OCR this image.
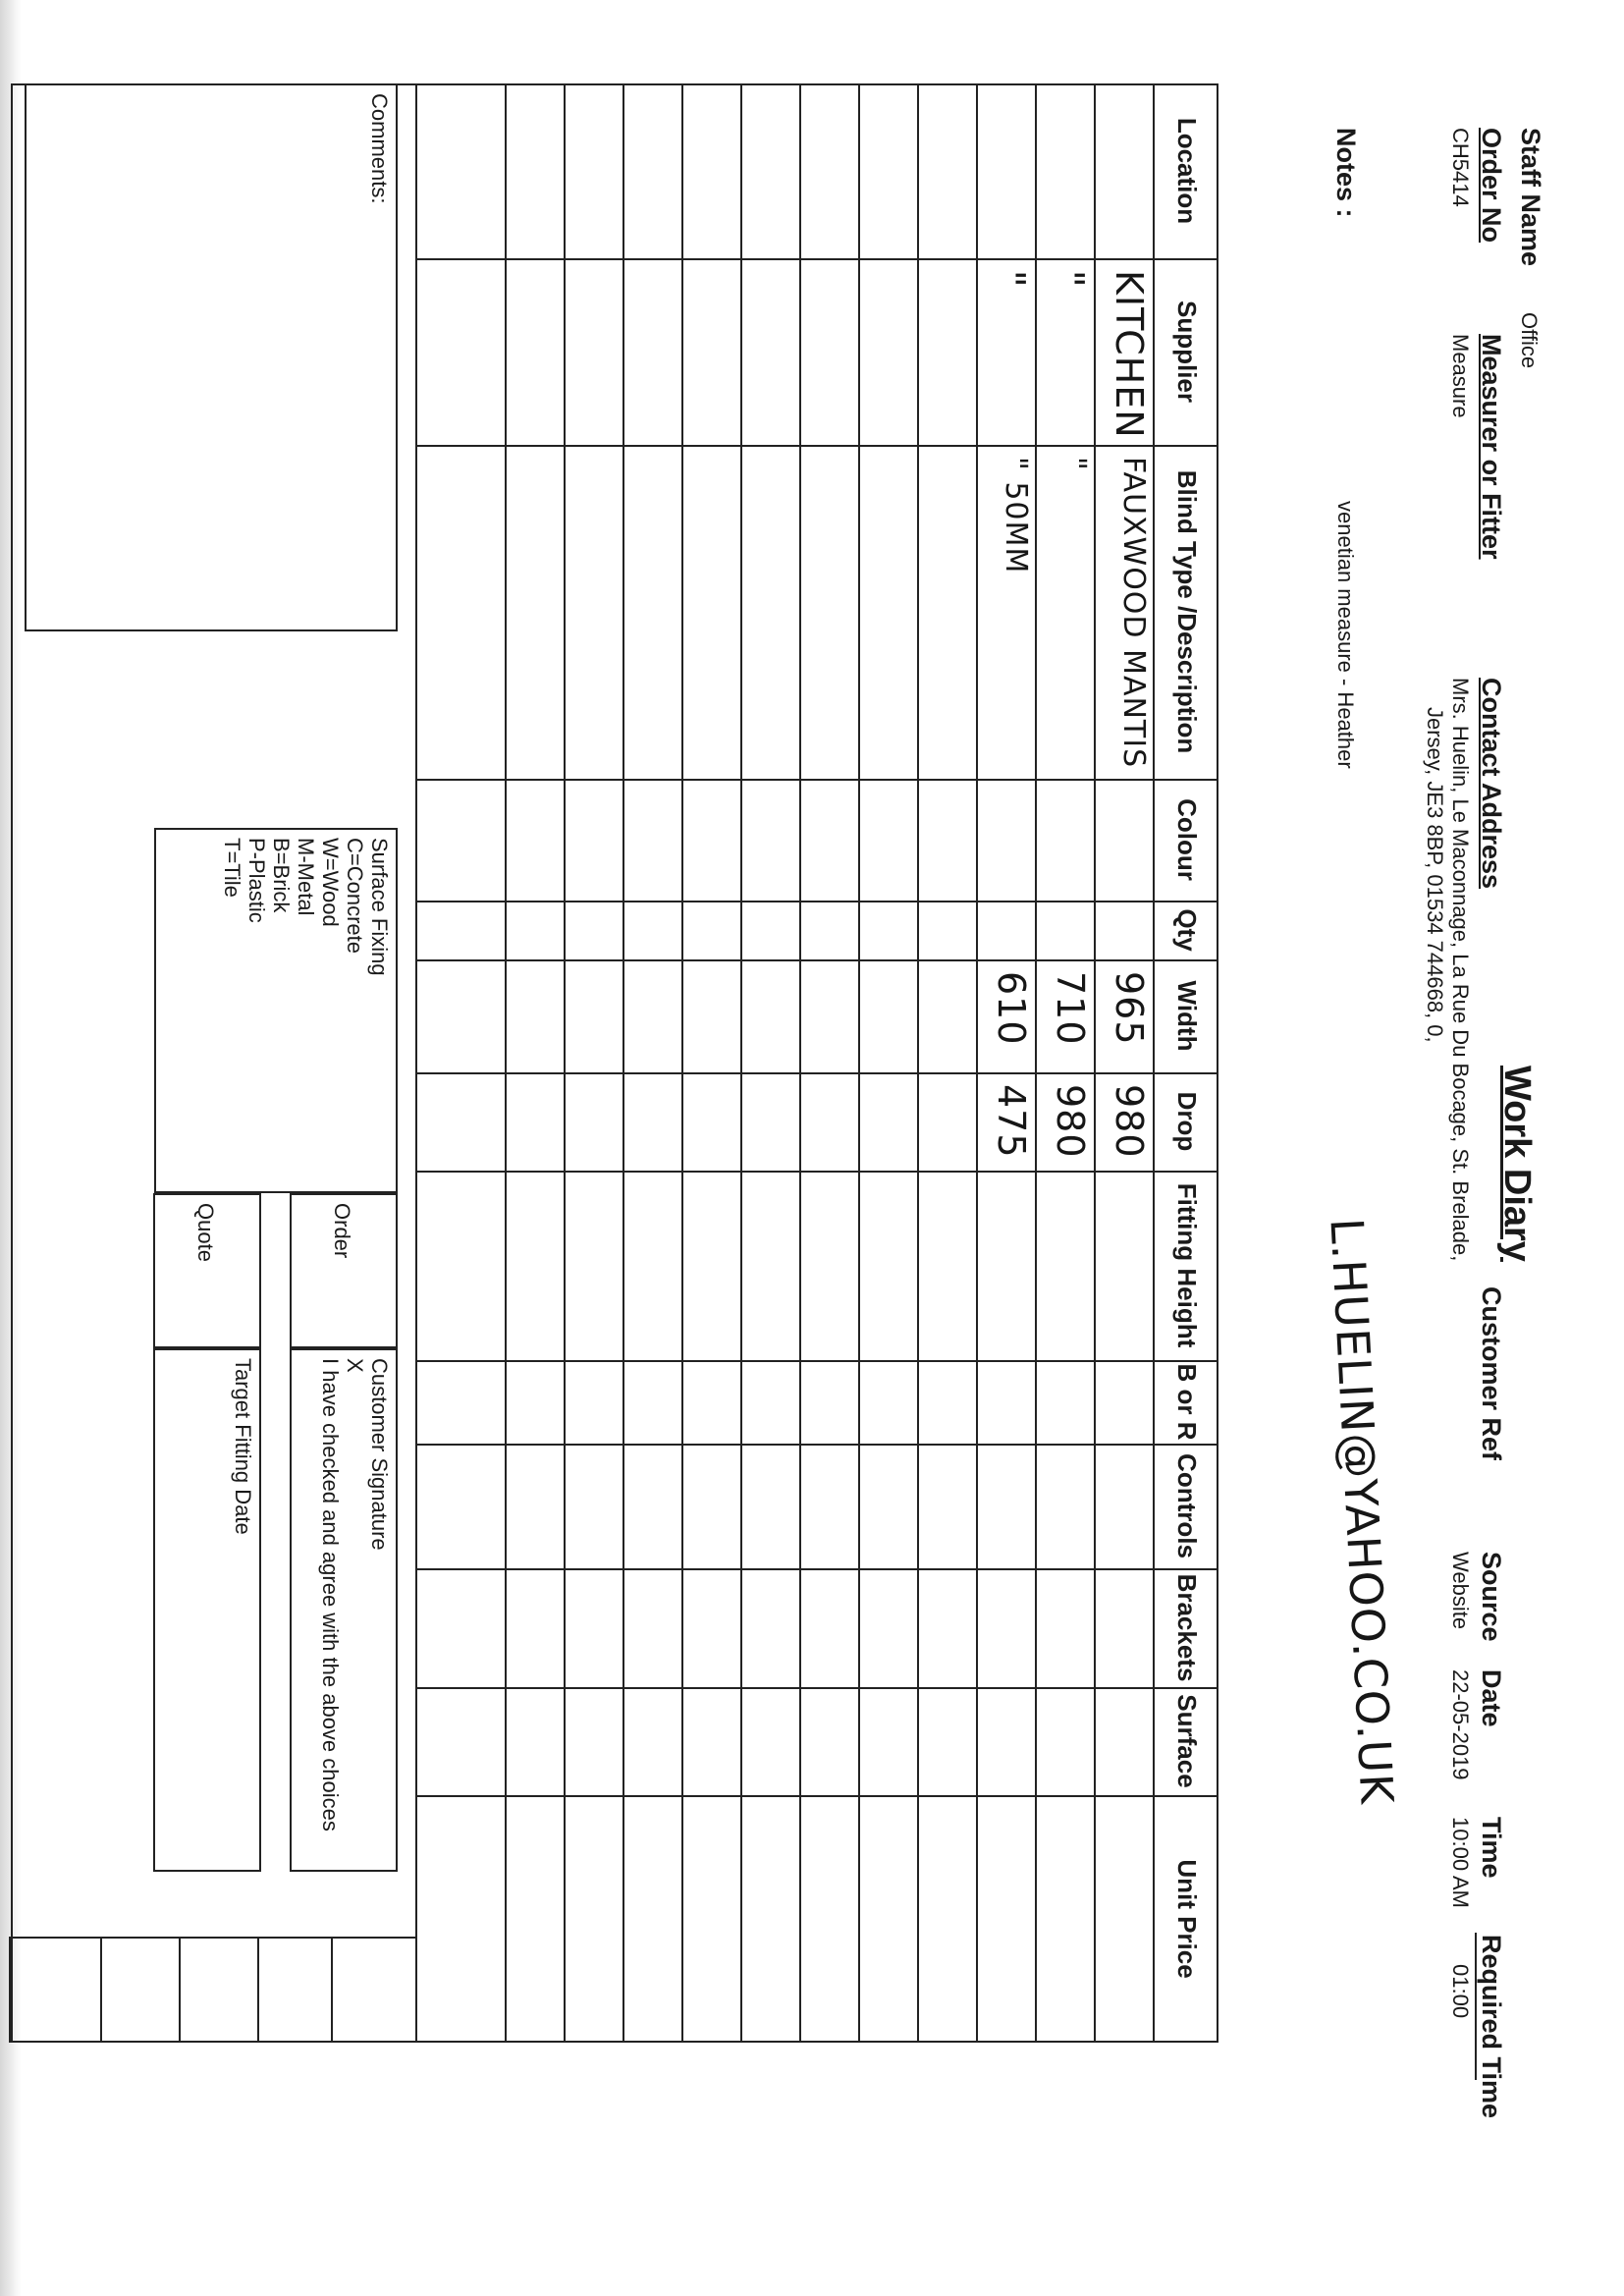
Work Diary
Staff Name
Office
Order No
CH5414
Measurer or Fitter
Measure
Contact Address
Mrs. Huelin, Le Maconnage, La Rue Du Bocage, St. Brelade,
Jersey, JE3 8BP, 01534 744668, 0,
Customer Ref
Source
Website
Date
22-05-2019
Time
10:00 AM
Required Time
01:00
Notes :
venetian measure - Heather
L.HUELIN@YAHOO.CO.UK
Location
Supplier
Blind Type /Description
Colour
Qty
Width
Drop
Fitting Height
B or R
Controls
Brackets
Surface
Unit Price
KITCHEN
FAUXWOOD MANTIS
965
980
"
"
710
980
"
" 50MM
610
475
Comments:
Surface Fixing
C=Concrete
W=Wood
M-Metal
B=Brick
P-Plastic
T=Tile
Order
Quote
Customer Signature
X
I have checked and agree with the above choices
Target Fitting Date
